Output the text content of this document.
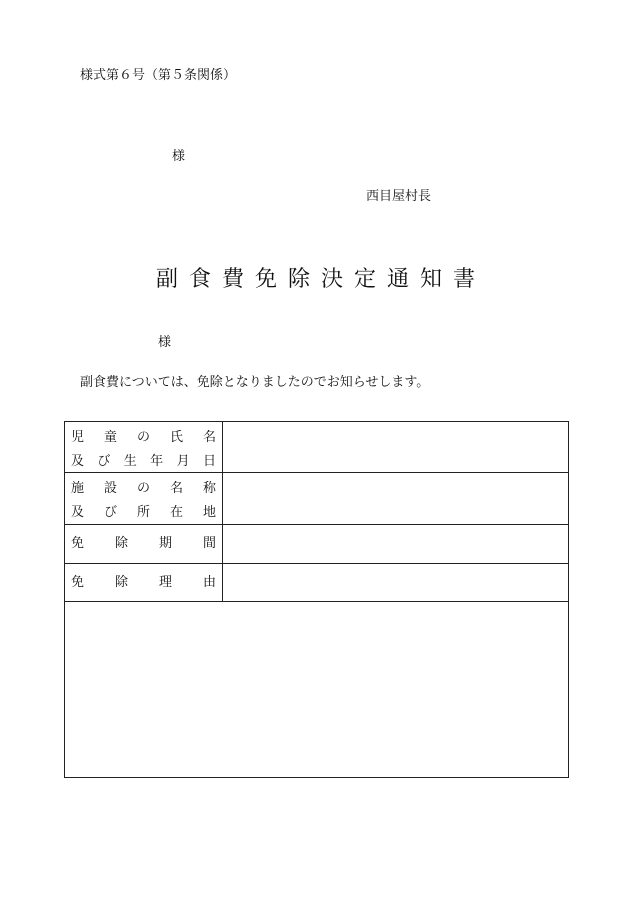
様式第６号（第５条関係）
様
西目屋村長
副食費免除決定通知書
様
副食費については、免除となりましたのでお知らせします。
児 童 の 氏 名
及 び 生 年 月 日
施 設 の 名 称
及 び 所 在 地
免 除 期 間
免 除 理 由
